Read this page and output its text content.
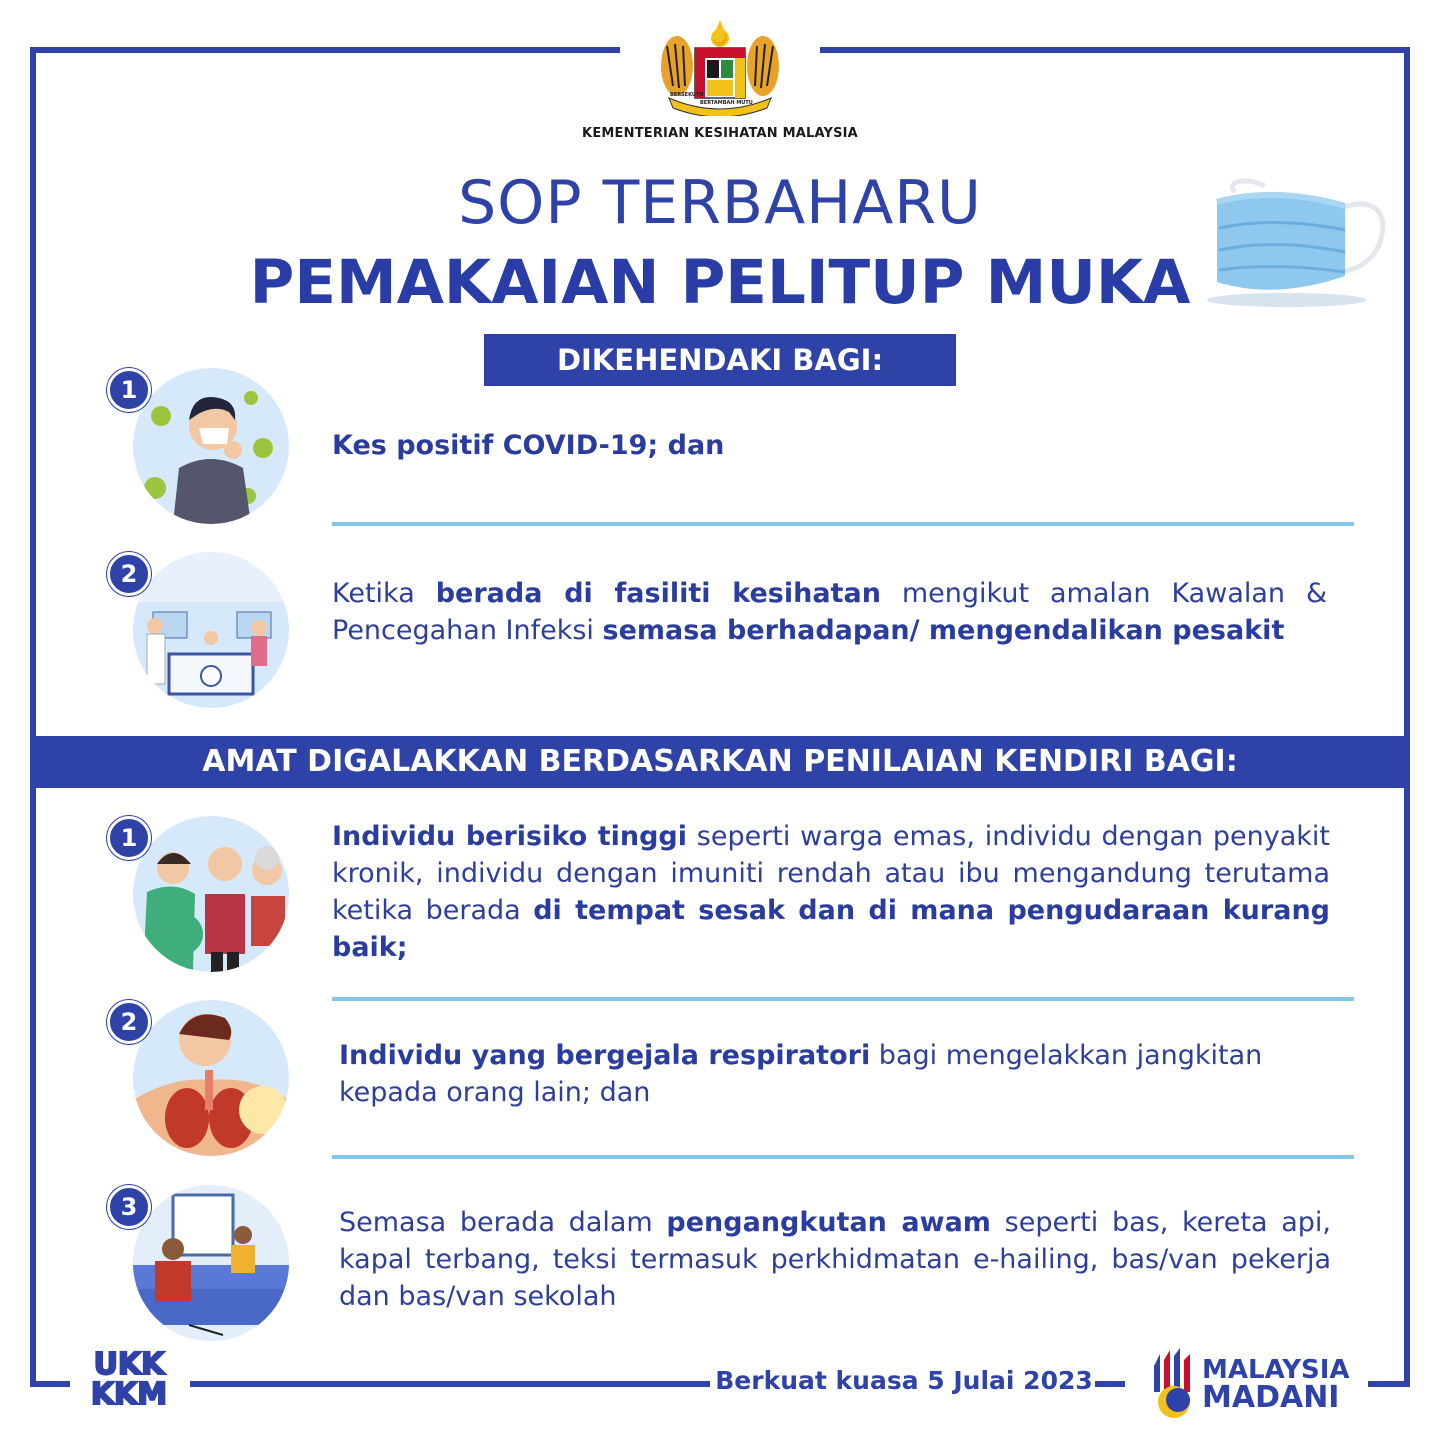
BERSEKUTU
BERTAMBAH MUTU
KEMENTERIAN KESIHATAN MALAYSIA
SOP TERBAHARU
PEMAKAIAN PELITUP MUKA
DIKEHENDAKI BAGI:
1
Kes positif COVID-19; dan
2
Ketika berada di fasiliti kesihatan mengikut amalan Kawalan & Pencegahan Infeksi semasa berhadapan/ mengendalikan pesakit
AMAT DIGALAKKAN BERDASARKAN PENILAIAN KENDIRI BAGI:
1	Individu berisiko tinggi seperti warga emas, individu dengan penyakit kronik, individu dengan imuniti rendah atau ibu mengandung terutama ketika berada di tempat sesak dan di mana pengudaraan kurang baik;
2
Individu yang bergejala respiratori bagi mengelakkan jangkitan kepada orang lain; dan
3	Semasa berada dalam pengangkutan awam seperti bas, kereta api, kapal terbang, teksi termasuk perkhidmatan e-hailing, bas/van pekerja dan bas/van sekolah
UKK
KKM	Berkuat kuasa 5 Julai 2023	MALAYSIA
MADANI
